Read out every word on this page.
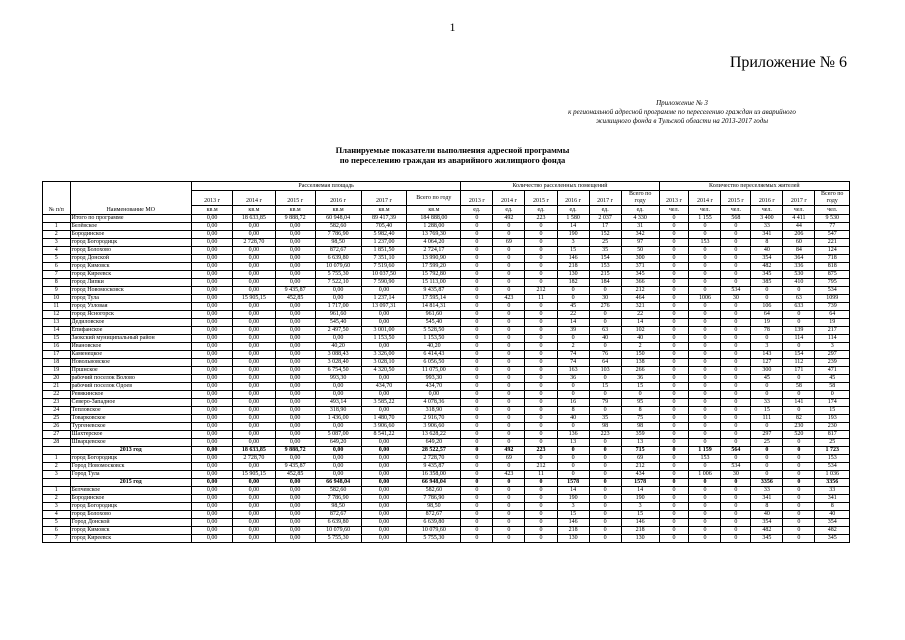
1
Приложение № 6
Приложение № 3
к региональной адресной программе по переселению граждан из аварийного
жилищного фонда в Тульской области на 2013-2017 годы
Планируемые показатели выполнения адресной программы
по переселению граждан из аварийного жилищного фонда
№ п/п	Наименование МО	Расселяемая площадь						Количество расселенных помещений						Количество переселяемых жителей					
		2013 г	2014 г	2015 г	2016 г	2017 г	Всего по году	2013 г	2014 г	2015 г	2016 г	2017 г	Всего по году	2013 г	2014 г	2015 г	2016 г	2017 г	Всего по году
		кв.м	кв.м	кв.м	кв.м	кв.м	кв.м	ед.	ед.	ед.	ед.	ед.	ед.	чел.	чел.	чел.	чел.	чел.	чел.
	Итого по программе	0,00	18 633,85	9 888,72	60 948,04	89 417,39	184 888,00	0	492	223	1 580	2 037	4 330	0	1 155	568	3 400	4 411	9 530
1	Белёвское	0,00	0,00	0,00	582,60	705,40	1 288,00	0	0	0	14	17	31	0	0	0	33	44	77
2	Бородинское	0,00	0,00	0,00	7 786,90	5 982,40	13 769,30	0	0	0	190	152	342	0	0	0	341	206	547
3	город Богородицк	0,00	2 728,70	0,00	98,50	1 237,00	4 064,20	0	69	0	3	25	97	0	153	0	8	60	221
4	город Болохово	0,00	0,00	0,00	872,67	1 851,50	2 724,17	0	0	0	15	35	50	0	0	0	40	84	124
5	город Донской	0,00	0,00	0,00	6 639,80	7 351,10	13 990,90	0	0	0	146	154	300	0	0	0	354	364	718
6	город Кимовск	0,00	0,00	0,00	10 079,60	7 519,60	17 599,20	0	0	0	218	153	371	0	0	0	482	336	818
7	город Киреевск	0,00	0,00	0,00	5 755,30	10 037,50	15 792,80	0	0	0	130	215	345	0	0	0	345	530	875
8	город Липки	0,00	0,00	0,00	7 522,10	7 590,90	15 113,00	0	0	0	182	184	366	0	0	0	385	410	795
9	город Новомосковск	0,00	0,00	9 435,87	0,00	0,00	9 435,87	0	0	212	0	0	212	0	0	534	0	0	534
10	город Тула	0,00	15 905,15	452,85	0,00	1 237,14	17 595,14	0	423	11	0	30	464	0	1006	30	0	63	1099
11	город Узловая	0,00	0,00	0,00	1 717,00	13 097,31	14 814,31	0	0	0	45	276	321	0	0	0	106	633	739
12	город Ясногорск	0,00	0,00	0,00	961,60	0,00	961,60	0	0	0	22	0	22	0	0	0	64	0	64
13	Дедиловское	0,00	0,00	0,00	545,40	0,00	545,40	0	0	0	14	0	14	0	0	0	19	0	19
14	Епифанское	0,00	0,00	0,00	2 497,50	3 001,00	5 528,50	0	0	0	39	63	102	0	0	0	78	139	217
15	Заокский муниципальный район	0,00	0,00	0,00	0,00	1 153,50	1 153,50	0	0	0	0	40	40	0	0	0	0	114	114
16	Ивановское	0,00	0,00	0,00	40,20	0,00	40,20	0	0	0	2	0	2	0	0	0	3	0	3
17	Каменецкое	0,00	0,00	0,00	3 088,43	3 326,00	6 414,43	0	0	0	74	76	150	0	0	0	143	154	297
18	Новольвовское	0,00	0,00	0,00	3 028,40	3 028,10	6 056,50	0	0	0	74	64	138	0	0	0	127	112	239
19	Пршнское	0,00	0,00	0,00	6 754,50	4 320,50	11 075,00	0	0	0	163	103	266	0	0	0	300	171	471
20	рабочий поселок Волово	0,00	0,00	0,00	993,30	0,00	993,30	0	0	0	36	0	36	0	0	0	45	0	45
21	рабочий поселок Одоев	0,00	0,00	0,00	0,00	434,70	434,70	0	0	0	0	15	15	0	0	0	0	58	58
22	Ревякинское	0,00	0,00	0,00	0,00	0,00	0,00	0	0	0	0	0	0	0	0	0	0	0	0
23	Северо-Западное	0,00	0,00	0,00	493,14	3 585,22	4 078,36	0	0	0	16	79	95	0	0	0	33	141	174
24	Тепловское	0,00	0,00	0,00	318,90	0,00	318,90	0	0	0	8	0	8	0	0	0	15	0	15
25	Товарковское	0,00	0,00	0,00	1 436,00	1 480,70	2 916,70	0	0	0	40	35	75	0	0	0	111	82	193
26	Тургеневское	0,00	0,00	0,00	0,00	3 906,60	3 906,60	0	0	0	0	98	98	0	0	0	0	230	230
27	Шахтерское	0,00	0,00	0,00	5 087,00	8 541,22	13 628,22	0	0	0	136	223	359	0	0	0	297	520	817
28	Шварцевское	0,00	0,00	0,00	649,20	0,00	649,20	0	0	0	13	0	13	0	0	0	25	0	25
	2013 год	0,00	18 633,85	9 888,72	0,00	0,00	28 522,57	0	492	223	0	0	715	0	1 159	564	0	0	1 723
1	город Богородицк	0,00	2 728,70	0,00	0,00	0,00	2 728,70	0	69	0	0	0	69	0	153	0	0	0	153
2	Город Новомосковск	0,00	0,00	9 435,87	0,00	0,00	9 435,87	0	0	212	0	0	212	0	0	534	0	0	534
3	Город Тула	0,00	15 905,15	452,85	0,00	0,00	16 358,00	0	423	11	0	0	434	0	1 006	30	0	0	1 036
	2015 год	0,00	0,00	0,00	66 948,04	0,00	66 948,04	0	0	0	1578	0	1578	0	0	0	3356	0	3356
1	Белчевское	0,00	0,00	0,00	582,60	0,00	582,60	0	0	0	14	0	14	0	0	0	33	0	33
2	Бородинское	0,00	0,00	0,00	7 786,90	0,00	7 786,90	0	0	0	190	0	190	0	0	0	341	0	341
3	город Богородицк	0,00	0,00	0,00	98,50	0,00	98,50	0	0	0	3	0	3	0	0	0	8	0	8
4	город Болохово	0,00	0,00	0,00	872,67	0,00	872,67	0	0	0	15	0	15	0	0	0	40	0	40
5	Город Донской	0,00	0,00	0,00	6 639,80	0,00	6 639,80	0	0	0	146	0	146	0	0	0	354	0	354
6	город Кимовск	0,00	0,00	0,00	10 079,60	0,00	10 079,60	0	0	0	218	0	218	0	0	0	482	0	482
7	город Киреевск	0,00	0,00	0,00	5 755,30	0,00	5 755,30	0	0	0	130	0	130	0	0	0	345	0	345
